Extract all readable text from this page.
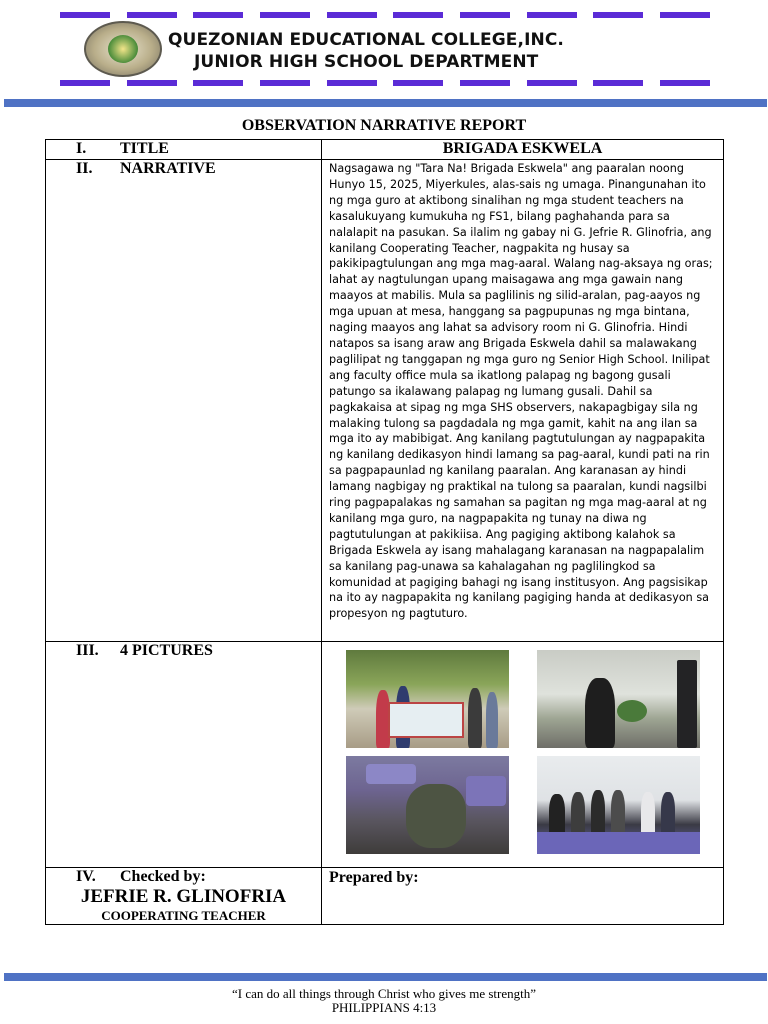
QUEZONIAN EDUCATIONAL COLLEGE,INC.
JUNIOR HIGH SCHOOL DEPARTMENT
OBSERVATION NARRATIVE REPORT
I. TITLE	BRIGADA ESKWELA
II. NARRATIVE	Nagsagawa ng "Tara Na! Brigada Eskwela" ang paaralan noong Hunyo 15, 2025, Miyerkules, alas-sais ng umaga. Pinangunahan ito ng mga guro at aktibong sinalihan ng mga student teachers na kasalukuyang kumukuha ng FS1, bilang paghahanda para sa nalalapit na pasukan. Sa ilalim ng gabay ni G. Jefrie R. Glinofria, ang kanilang Cooperating Teacher, nagpakita ng husay sa pakikipagtulungan ang mga mag-aaral. Walang nag-aksaya ng oras; lahat ay nagtulungan upang maisagawa ang mga gawain nang maayos at mabilis. Mula sa paglilinis ng silid-aralan, pag-aayos ng mga upuan at mesa, hanggang sa pagpupunas ng mga bintana, naging maayos ang lahat sa advisory room ni G. Glinofria. Hindi natapos sa isang araw ang Brigada Eskwela dahil sa malawakang paglilipat ng tanggapan ng mga guro ng Senior High School. Inilipat ang faculty office mula sa ikatlong palapag ng bagong gusali patungo sa ikalawang palapag ng lumang gusali. Dahil sa pagkakaisa at sipag ng mga SHS observers, nakapagbigay sila ng malaking tulong sa pagdadala ng mga gamit, kahit na ang ilan sa mga ito ay mabibigat. Ang kanilang pagtutulungan ay nagpapakita ng kanilang dedikasyon hindi lamang sa pag-aaral, kundi pati na rin sa pagpapaunlad ng kanilang paaralan. Ang karanasan ay hindi lamang nagbigay ng praktikal na tulong sa paaralan, kundi nagsilbi ring pagpapalakas ng samahan sa pagitan ng mga mag-aaral at ng kanilang mga guro, na nagpapakita ng tunay na diwa ng pagtutulungan at pakikiisa. Ang pagiging aktibong kalahok sa Brigada Eskwela ay isang mahalagang karanasan na nagpapalalim sa kanilang pag-unawa sa kahalagahan ng paglilingkod sa komunidad at pagiging bahagi ng isang institusyon. Ang pagsisikap na ito ay nagpapakita ng kanilang pagiging handa at dedikasyon sa propesyon ng pagtuturo.
III. 4 PICTURES	

IV. Checked by:
JEFRIE R. GLINOFRIA
COOPERATING TEACHER	Prepared by:
“I can do all things through Christ who gives me strength”
PHILIPPIANS 4:13
